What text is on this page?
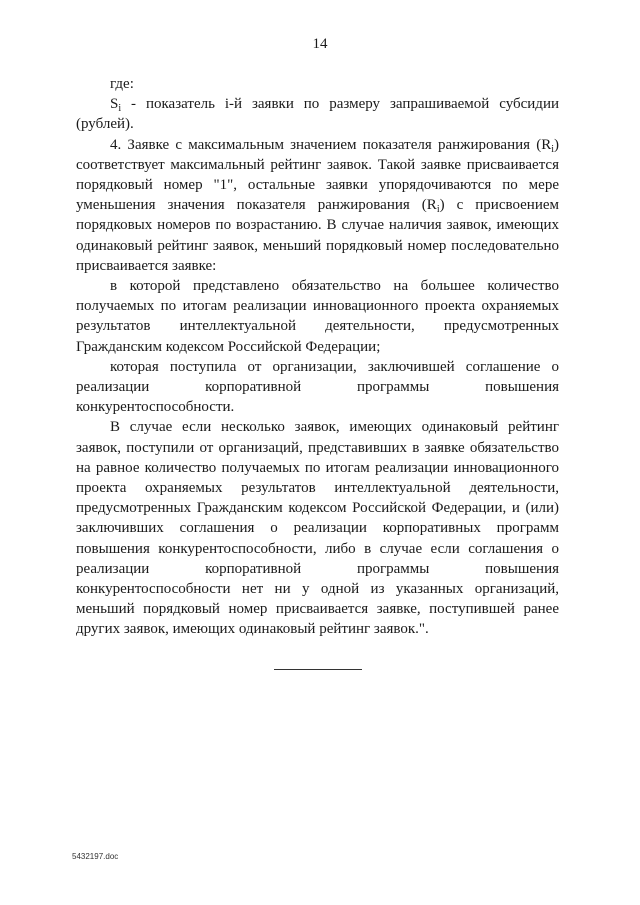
14

где:

$S_i$ - показатель i-й заявки по размеру запрашиваемой субсидии (рублей).

4. Заявке с максимальным значением показателя ранжирования $(R_i)$ соответствует максимальный рейтинг заявок. Такой заявке присваивается порядковый номер "1", остальные заявки упорядочиваются по мере уменьшения значения показателя ранжирования $(R_i)$ с присвоением порядковых номеров по возрастанию. В случае наличия заявок, имеющих одинаковый рейтинг заявок, меньший порядковый номер последовательно присваивается заявке:

в которой представлено обязательство на большее количество получаемых по итогам реализации инновационного проекта охраняемых результатов интеллектуальной деятельности, предусмотренных Гражданским кодексом Российской Федерации;

которая поступила от организации, заключившей соглашение о реализации корпоративной программы повышения конкурентоспособности.

В случае если несколько заявок, имеющих одинаковый рейтинг заявок, поступили от организаций, представивших в заявке обязательство на равное количество получаемых по итогам реализации инновационного проекта охраняемых результатов интеллектуальной деятельности, предусмотренных Гражданским кодексом Российской Федерации, и (или) заключивших соглашения о реализации корпоративных программ повышения конкурентоспособности, либо в случае если соглашения о реализации корпоративной программы повышения конкурентоспособности нет ни у одной из указанных организаций, меньший порядковый номер присваивается заявке, поступившей ранее других заявок, имеющих одинаковый рейтинг заявок.".

5432197.doc
